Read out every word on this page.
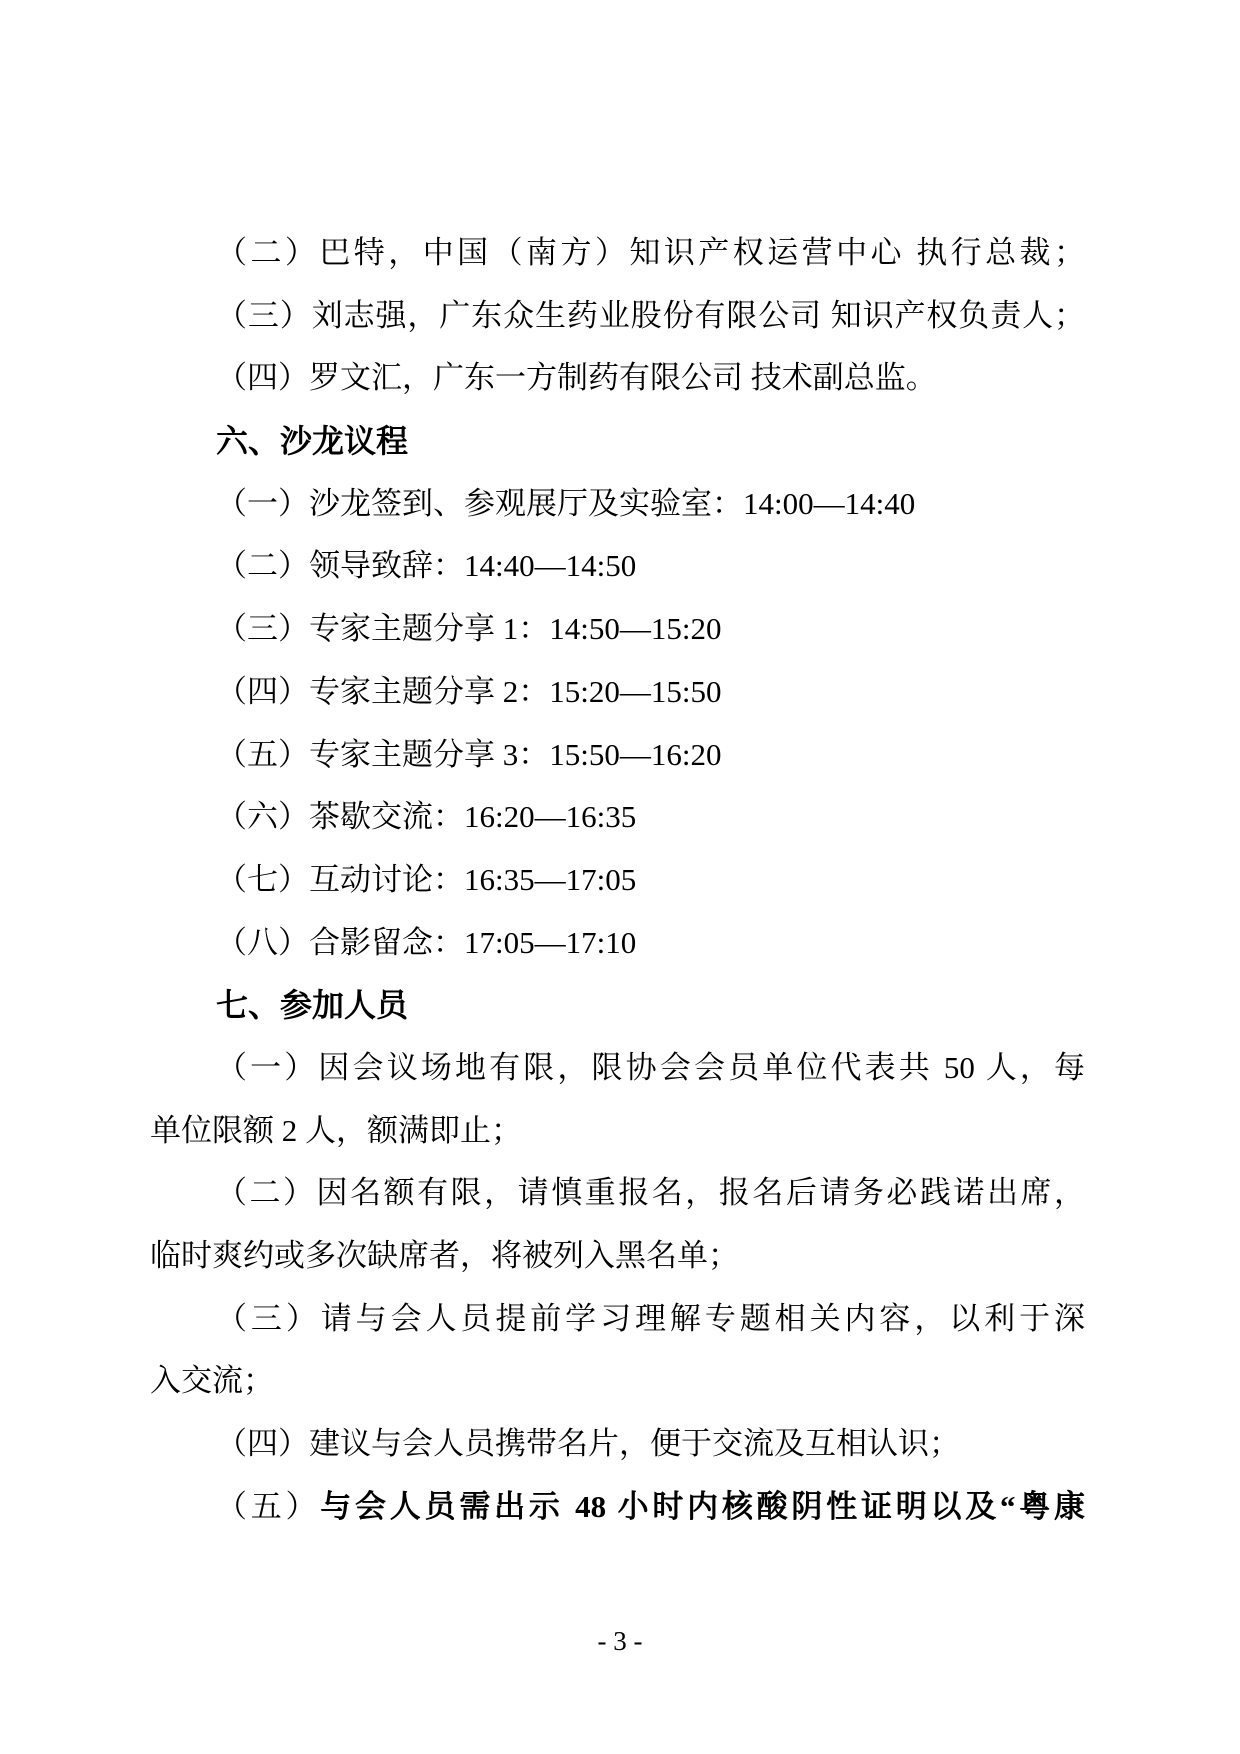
（二）巴特，中国（南方）知识产权运营中心 执行总裁；
（三）刘志强，广东众生药业股份有限公司 知识产权负责人；
（四）罗文汇，广东一方制药有限公司 技术副总监。
六、沙龙议程
（一）沙龙签到、参观展厅及实验室：14:00—14:40
（二）领导致辞：14:40—14:50
（三）专家主题分享 1：14:50—15:20
（四）专家主题分享 2：15:20—15:50
（五）专家主题分享 3：15:50—16:20
（六）茶歇交流：16:20—16:35
（七）互动讨论：16:35—17:05
（八）合影留念：17:05—17:10
七、参加人员
（一）因会议场地有限，限协会会员单位代表共 50 人，每
单位限额 2 人，额满即止；
（二）因名额有限，请慎重报名，报名后请务必践诺出席，
临时爽约或多次缺席者，将被列入黑名单；
（三）请与会人员提前学习理解专题相关内容，以利于深
入交流；
（四）建议与会人员携带名片，便于交流及互相认识；
（五）与会人员需出示 48 小时内核酸阴性证明以及“粤康
- 3 -
